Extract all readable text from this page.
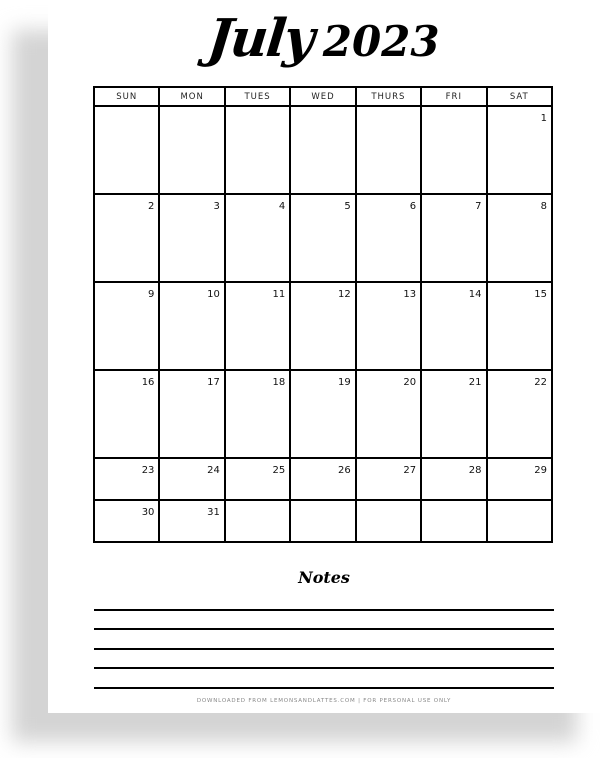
July 2023
SUN	MON	TUES	WED	THURS	FRI	SAT

						1

2	3	4	5	6	7	8

9	10	11	12	13	14	15

16	17	18	19	20	21	22

23	24	25	26	27	28	29

30	31					

Notes
DOWNLOADED FROM LEMONSANDLATTES.COM | FOR PERSONAL USE ONLY
